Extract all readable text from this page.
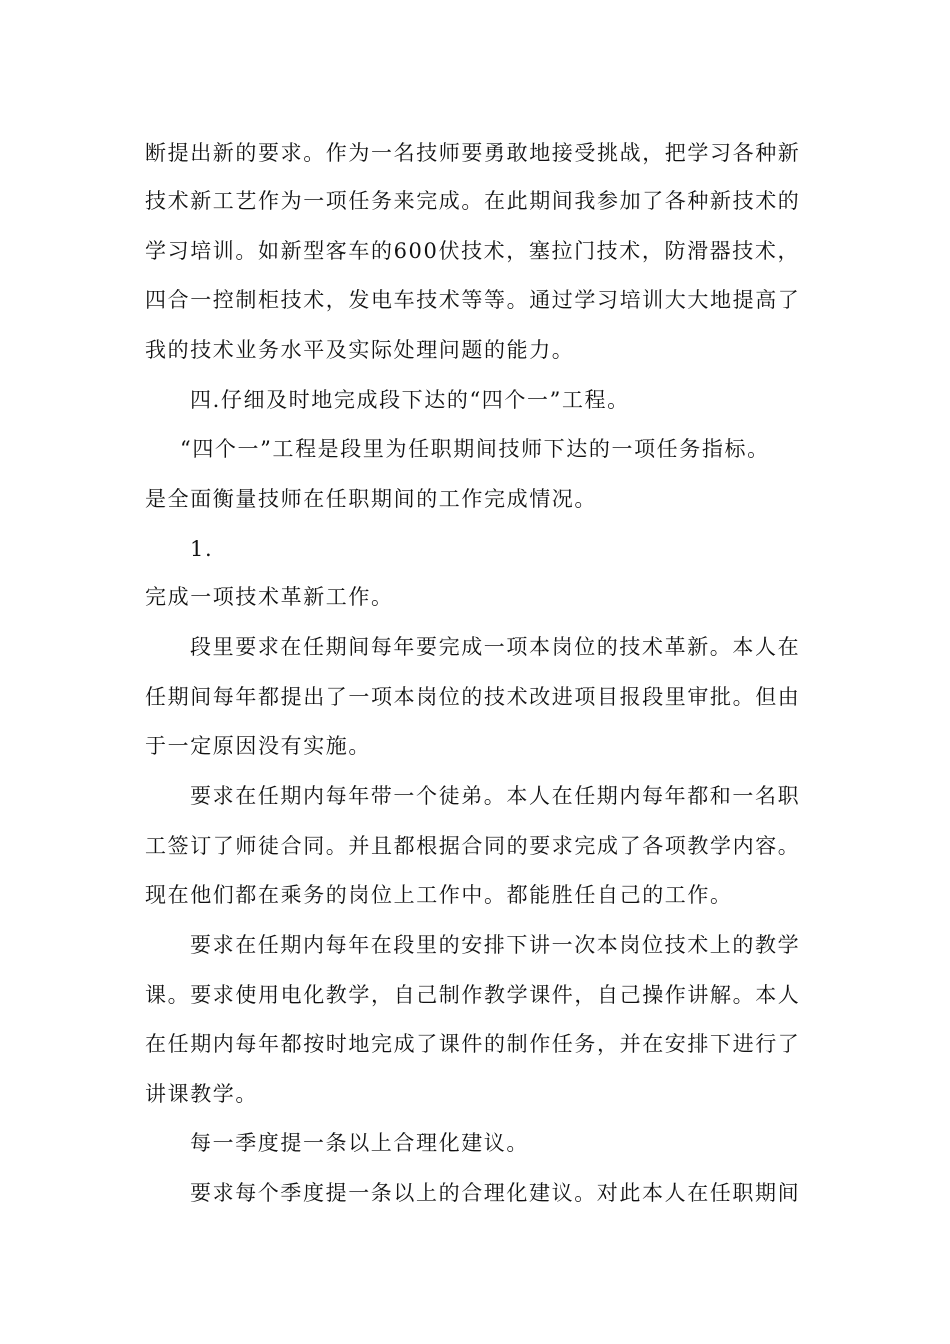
断提出新的要求。作为一名技师要勇敢地接受挑战，把学习各种新
技术新工艺作为一项任务来完成。在此期间我参加了各种新技术的
学习培训。如新型客车的600伏技术，塞拉门技术，防滑器技术，
四合一控制柜技术，发电车技术等等。通过学习培训大大地提高了
我的技术业务水平及实际处理问题的能力。
四.仔细及时地完成段下达的“四个一”工程。
“四个一”工程是段里为任职期间技师下达的一项任务指标。
是全面衡量技师在任职期间的工作完成情况。
1.
完成一项技术革新工作。
段里要求在任期间每年要完成一项本岗位的技术革新。本人在
任期间每年都提出了一项本岗位的技术改进项目报段里审批。但由
于一定原因没有实施。
要求在任期内每年带一个徒弟。本人在任期内每年都和一名职
工签订了师徒合同。并且都根据合同的要求完成了各项教学内容。
现在他们都在乘务的岗位上工作中。都能胜任自己的工作。
要求在任期内每年在段里的安排下讲一次本岗位技术上的教学
课。要求使用电化教学，自己制作教学课件，自己操作讲解。本人
在任期内每年都按时地完成了课件的制作任务，并在安排下进行了
讲课教学。
每一季度提一条以上合理化建议。
要求每个季度提一条以上的合理化建议。对此本人在任职期间
